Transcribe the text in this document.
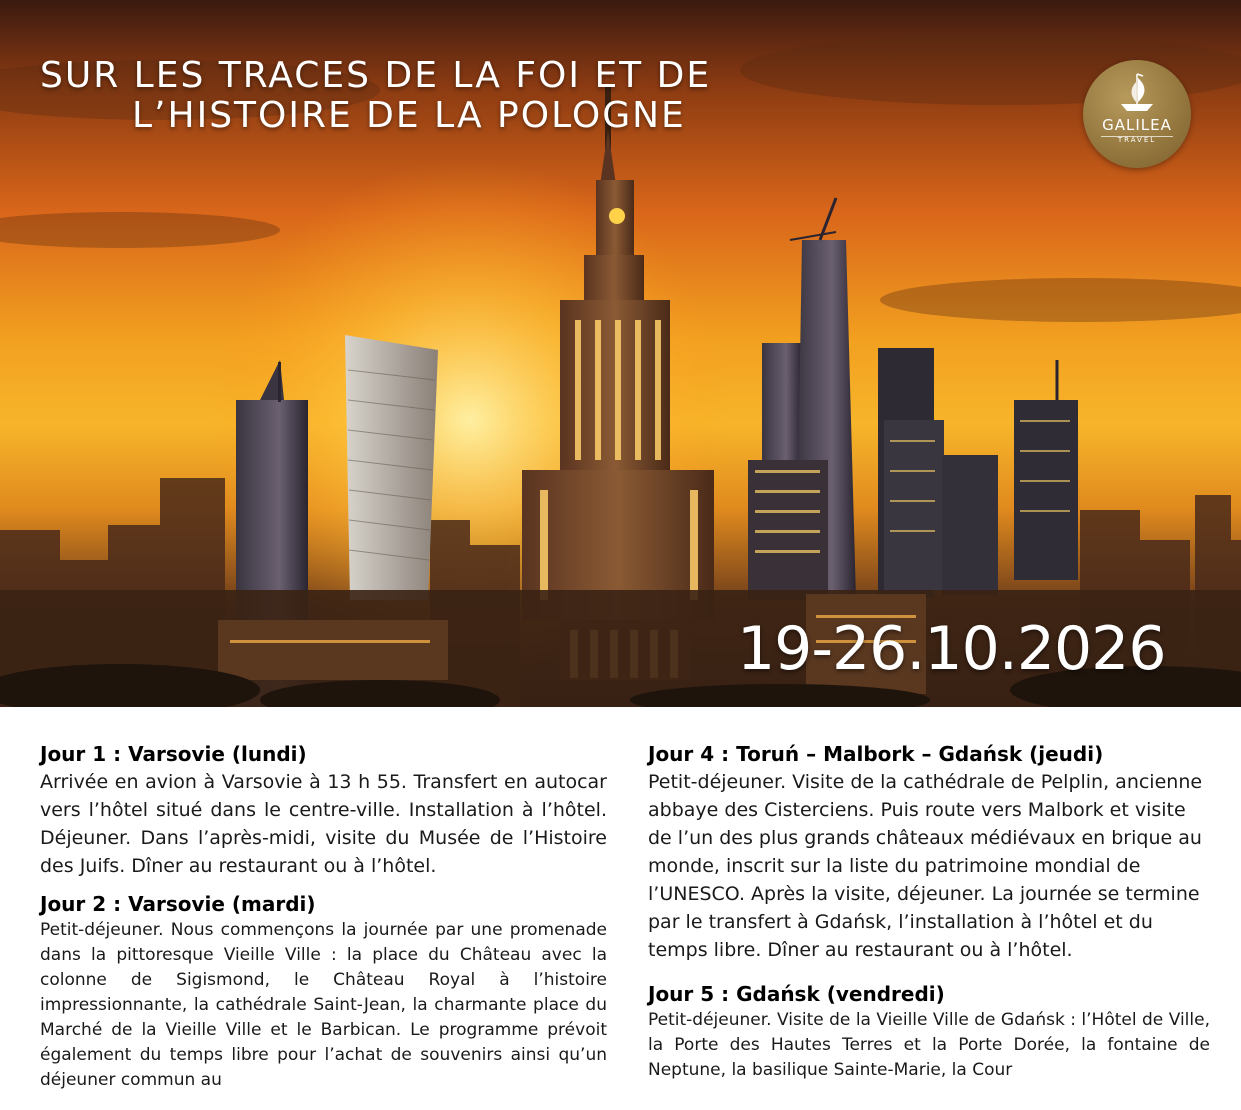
SUR LES TRACES DE LA FOI ET DE
L’HISTOIRE DE LA POLOGNE	GALILEA
TRAVEL
19-26.10.2026
Jour 1 : Varsovie (lundi)
Arrivée en avion à Varsovie à 13 h 55. Transfert en autocar vers l’hôtel situé dans le centre-ville. Installation à l’hôtel. Déjeuner. Dans l’après-midi, visite du Musée de l’Histoire des Juifs. Dîner au restaurant ou à l’hôtel.
Jour 2 : Varsovie (mardi)
Petit-déjeuner. Nous commençons la journée par une promenade dans la pittoresque Vieille Ville : la place du Château avec la colonne de Sigismond, le Château Royal à l’histoire impressionnante, la cathédrale Saint-Jean, la charmante place du Marché de la Vieille Ville et le Barbican. Le programme prévoit également du temps libre pour l’achat de souvenirs ainsi qu’un déjeuner commun au
Jour 4 : Toruń – Malbork – Gdańsk (jeudi)
Petit-déjeuner. Visite de la cathédrale de Pelplin, ancienne abbaye des Cisterciens. Puis route vers Malbork et visite de l’un des plus grands châteaux médiévaux en brique au monde, inscrit sur la liste du patrimoine mondial de l’UNESCO. Après la visite, déjeuner. La journée se termine par le transfert à Gdańsk, l’installation à l’hôtel et du temps libre. Dîner au restaurant ou à l’hôtel.
Jour 5 : Gdańsk (vendredi)
Petit-déjeuner. Visite de la Vieille Ville de Gdańsk : l’Hôtel de Ville, la Porte des Hautes Terres et la Porte Dorée, la fontaine de Neptune, la basilique Sainte-Marie, la Cour
